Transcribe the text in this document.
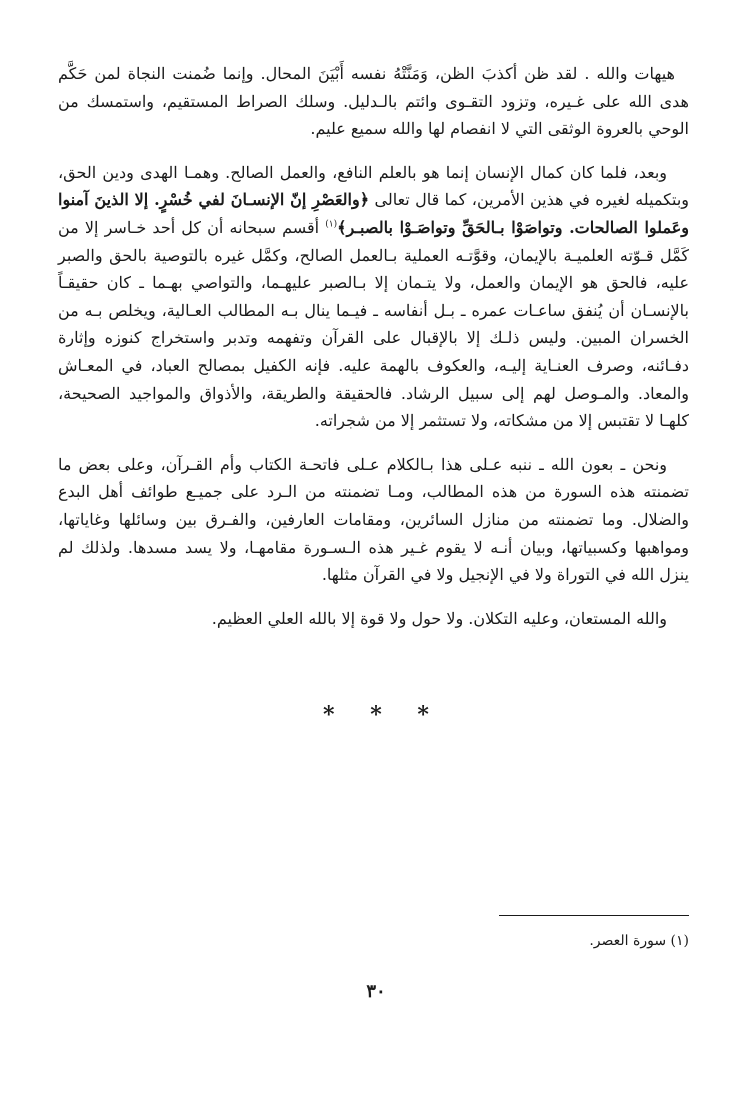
هيهات والله . لقد ظن أكذبَ الظن، وَمَنَّتْهُ نفسه أَبْيَنَ المحال. وإنما ضُمنت النجاة لمن حَكَّم هدى الله على غـيره، وتزود التقـوى وائتم بالـدليل. وسلك الصراط المستقيم، واستمسك من الوحي بالعروة الوثقى التي لا انفصام لها والله سميع عليم.

وبعد، فلما كان كمال الإنسان إنما هو بالعلم النافع، والعمل الصالح. وهمـا الهدى ودين الحق، وبتكميله لغيره في هذين الأمرين، كما قال تعالى ﴿والعَصْرِ إنّ الإنسـانَ لفي خُسْرٍ. إلا الذينَ آمنوا وعَملوا الصالحات. وتواصَوْا بـالحَقِّ وتواصَـوْا بالصبـر﴾$^{(١)}$ أقسم سبحانه أن كل أحد خـاسر إلا من كَمَّل قـوّته العلميـة بالإيمان، وقوَّتـه العملية بـالعمل الصالح، وكمَّل غيره بالتوصية بالحق والصبر عليه، فالحق هو الإيمان والعمل، ولا يتـمان إلا بـالصبر عليهـما، والتواصي بهـما ـ كان حقيقـاً بالإنسـان أن يُنفق ساعـات عمره ـ بـل أنفاسه ـ فيـما ينال بـه المطالب العـالية، ويخلص بـه من الخسران المبين. وليس ذلـك إلا بالإقبال على القرآن وتفهمه وتدبر واستخراج كنوزه وإثارة دفـائنه، وصرف العنـاية إليـه، والعكوف بالهمة عليه. فإنه الكفيل بمصالح العباد، في المعـاش والمعاد. والمـوصل لهم إلى سبيل الرشاد. فالحقيقة والطريقة، والأذواق والمواجيد الصحيحة، كلهـا لا تقتبس إلا من مشكاته، ولا تستثمر إلا من شجراته.

ونحن ـ بعون الله ـ ننبه عـلى هذا بـالكلام عـلى فاتحـة الكتاب وأم القـرآن، وعلى بعض ما تضمنته هذه السورة من هذه المطالب، ومـا تضمنته من الـرد على جميـع طوائف أهل البدع والضلال. وما تضمنته من منازل السائرين، ومقامات العارفين، والفـرق بين وسائلها وغاياتها، ومواهبها وكسبياتها، وبيان أنـه لا يقوم غـير هذه الـسـورة مقامهـا، ولا يسد مسدها. ولذلك لم ينزل الله في التوراة ولا في الإنجيل ولا في القرآن مثلها.

والله المستعان، وعليه التكلان. ولا حول ولا قوة إلا بالله العلي العظيم.

* * *
(١) سورة العصر.
٣٠
